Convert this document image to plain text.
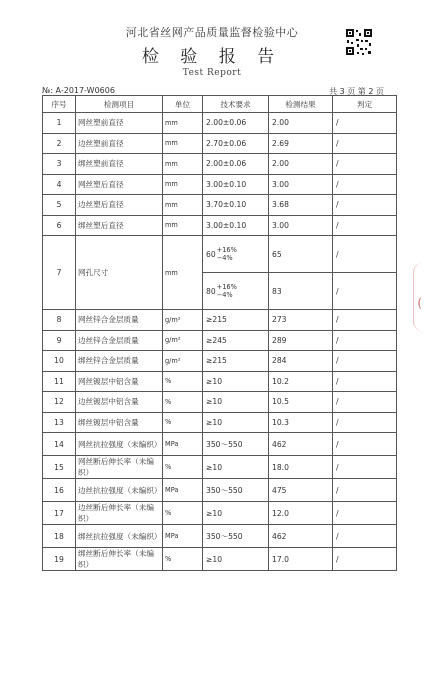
河北省丝网产品质量监督检验中心
检 验 报 告
Test Report
№: A-2017-W0606	共 3 页 第 2 页
序号	检测项目	单位	技术要求	检测结果	判定
1	网丝塑前直径	mm	2.00±0.06	2.00	/
2	边丝塑前直径	mm	2.70±0.06	2.69	/
3	绑丝塑前直径	mm	2.00±0.06	2.00	/
4	网丝塑后直径	mm	3.00±0.10	3.00	/
5	边丝塑后直径	mm	3.70±0.10	3.68	/
6	绑丝塑后直径	mm	3.00±0.10	3.00	/
7	网孔尺寸	mm	60 +16%
−4%	65	/

			80 +16%
−4%	83	/
8	网丝锌合金层质量	g/m²	≥215	273	/
9	边丝锌合金层质量	g/m²	≥245	289	/
10	绑丝锌合金层质量	g/m²	≥215	284	/
11	网丝镀层中铝含量	%	≥10	10.2	/
12	边丝镀层中铝含量	%	≥10	10.5	/
13	绑丝镀层中铝含量	%	≥10	10.3	/
14	网丝抗拉强度（未编织）	MPa	350～550	462	/
15	网丝断后伸长率（未编织）	%	≥10	18.0	/
16	边丝抗拉强度（未编织）	MPa	350～550	475	/
17	边丝断后伸长率（未编织）	%	≥10	12.0	/
18	绑丝抗拉强度（未编织）	MPa	350～550	462	/
19	绑丝断后伸长率（未编织）	%	≥10	17.0	/
(
